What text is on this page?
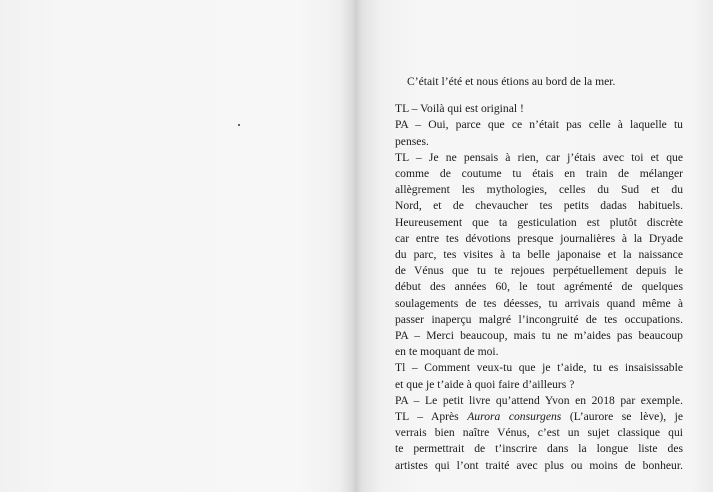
C’était l’été et nous étions au bord de la mer.

TL – Voilà qui est original !
PA – Oui, parce que ce n’était pas celle à laquelle tu
penses.
TL – Je ne pensais à rien, car j’étais avec toi et que
comme de coutume tu étais en train de mélanger
allègrement les mythologies, celles du Sud et du
Nord, et de chevaucher tes petits dadas habituels.
Heureusement que ta gesticulation est plutôt discrète
car entre tes dévotions presque journalières à la Dryade
du parc, tes visites à ta belle japonaise et la naissance
de Vénus que tu te rejoues perpétuellement depuis le
début des années 60, le tout agrémenté de quelques
soulagements de tes déesses, tu arrivais quand même à
passer inaperçu malgré l’incongruité de tes occupations.
PA – Merci beaucoup, mais tu ne m’aides pas beaucoup
en te moquant de moi.
Tl – Comment veux-tu que je t’aide, tu es insaisissable
et que je t’aide à quoi faire d’ailleurs ?
PA – Le petit livre qu’attend Yvon en 2018 par exemple.
TL – Après Aurora consurgens (L’aurore se lève), je
verrais bien naître Vénus, c’est un sujet classique qui
te permettrait de t’inscrire dans la longue liste des
artistes qui l’ont traité avec plus ou moins de bonheur.
